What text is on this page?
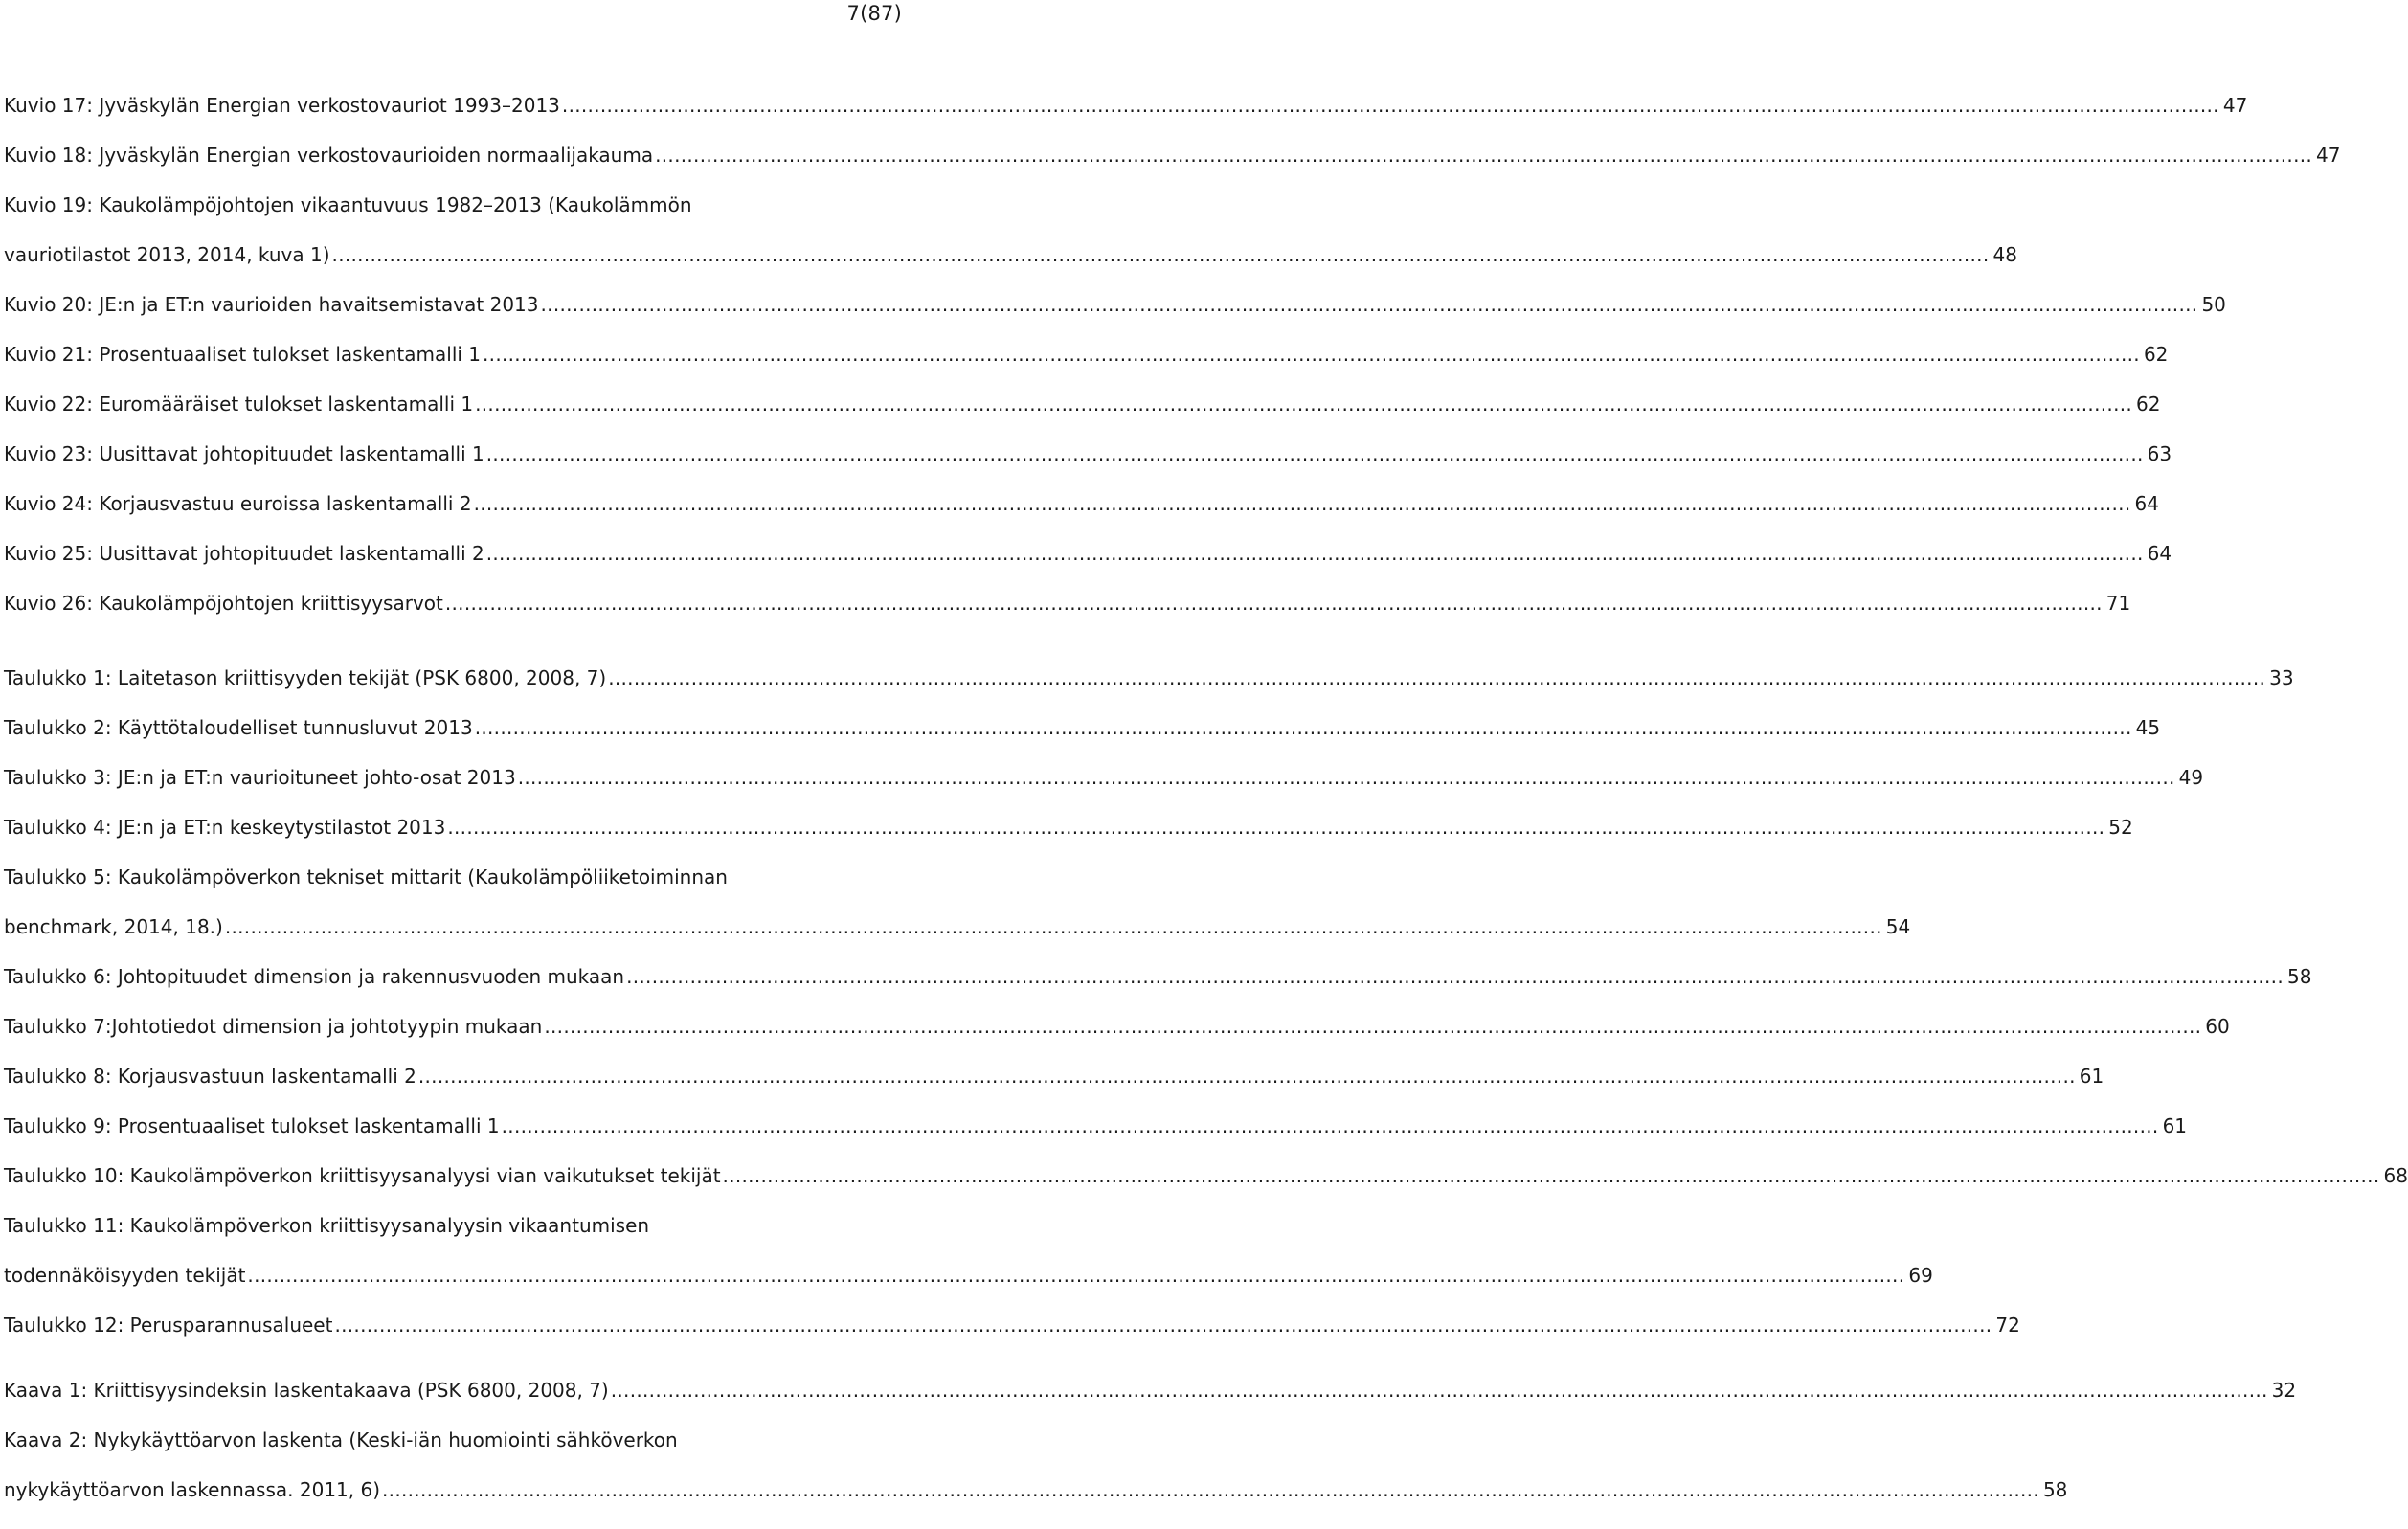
7(87)
Kuvio 17: Jyväskylän Energian verkostovauriot 1993–2013 .....	47
Kuvio 18: Jyväskylän Energian verkostovaurioiden normaalijakauma .....	47
Kuvio 19: Kaukolämpöjohtojen vikaantuvuus 1982–2013 (Kaukolämmön
vauriotilastot 2013, 2014, kuva 1) .....	48
Kuvio 20: JE:n ja ET:n vaurioiden havaitsemistavat 2013 .....	50
Kuvio 21: Prosentuaaliset tulokset laskentamalli 1 .....	62
Kuvio 22: Euromääräiset tulokset laskentamalli 1 .....	62
Kuvio 23: Uusittavat johtopituudet laskentamalli 1 .....	63
Kuvio 24: Korjausvastuu euroissa laskentamalli 2 .....	64
Kuvio 25: Uusittavat johtopituudet laskentamalli 2 .....	64
Kuvio 26: Kaukolämpöjohtojen kriittisyysarvot .....	71
Taulukko 1: Laitetason kriittisyyden tekijät (PSK 6800, 2008, 7) .....	33
Taulukko 2: Käyttötaloudelliset tunnusluvut 2013 .....	45
Taulukko 3: JE:n ja ET:n vaurioituneet johto-osat 2013 .....	49
Taulukko 4: JE:n ja ET:n keskeytystilastot 2013 .....	52
Taulukko 5: Kaukolämpöverkon tekniset mittarit (Kaukolämpöliiketoiminnan
benchmark, 2014, 18.) .....	54
Taulukko 6: Johtopituudet dimension ja rakennusvuoden mukaan .....	58
Taulukko 7:Johtotiedot dimension ja johtotyypin mukaan .....	60
Taulukko 8: Korjausvastuun laskentamalli 2 .....	61
Taulukko 9: Prosentuaaliset tulokset laskentamalli 1 .....	61
Taulukko 10: Kaukolämpöverkon kriittisyysanalyysi vian vaikutukset tekijät .....	68
Taulukko 11: Kaukolämpöverkon kriittisyysanalyysin vikaantumisen
todennäköisyyden tekijät .....	69
Taulukko 12: Perusparannusalueet .....	72
Kaava 1: Kriittisyysindeksin laskentakaava (PSK 6800, 2008, 7) .....	32
Kaava 2: Nykykäyttöarvon laskenta (Keski-iän huomiointi sähköverkon
nykykäyttöarvon laskennassa. 2011, 6) .....	58
